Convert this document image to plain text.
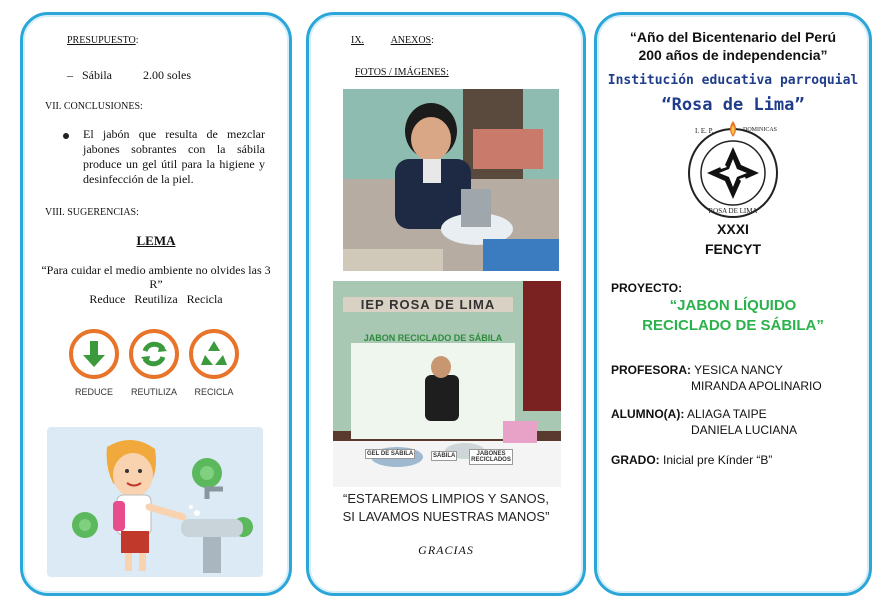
PRESUPUESTO:
– Sábila	2.00 soles
VII. CONCLUSIONES:
El jabón que resulta de mezclar jabones sobrantes con la sábila produce un gel útil para la higiene y desinfección de la piel.
VIII. SUGERENCIAS:
LEMA
“Para cuidar el medio ambiente no olvides las 3 R”
Reduce   Reutiliza   Recicla
REDUCE	REUTILIZA	RECICLA
IX.	ANEXOS:
FOTOS / IMÁGENES:
IEP ROSA DE LIMA
JABON RECICLADO DE SÁBILA
GEL DE SÁBILA	SÁBILA	JABONES RECICLADOS
“ESTAREMOS LIMPIOS Y SANOS,
SI LAVAMOS NUESTRAS MANOS”
GRACIAS
“Año del Bicentenario del Perú
200 años de independencia”
Institución educativa parroquial
“Rosa de Lima”
I. E. P.	DOMINICAS
ROSA DE LIMA
XXXI
FENCYT
PROYECTO:
“JABON LÍQUIDO
RECICLADO DE SÁBILA”
PROFESORA: YESICA NANCY
MIRANDA APOLINARIO
ALUMNO(A): ALIAGA TAIPE
DANIELA LUCIANA
GRADO: Inicial pre Kínder “B”
